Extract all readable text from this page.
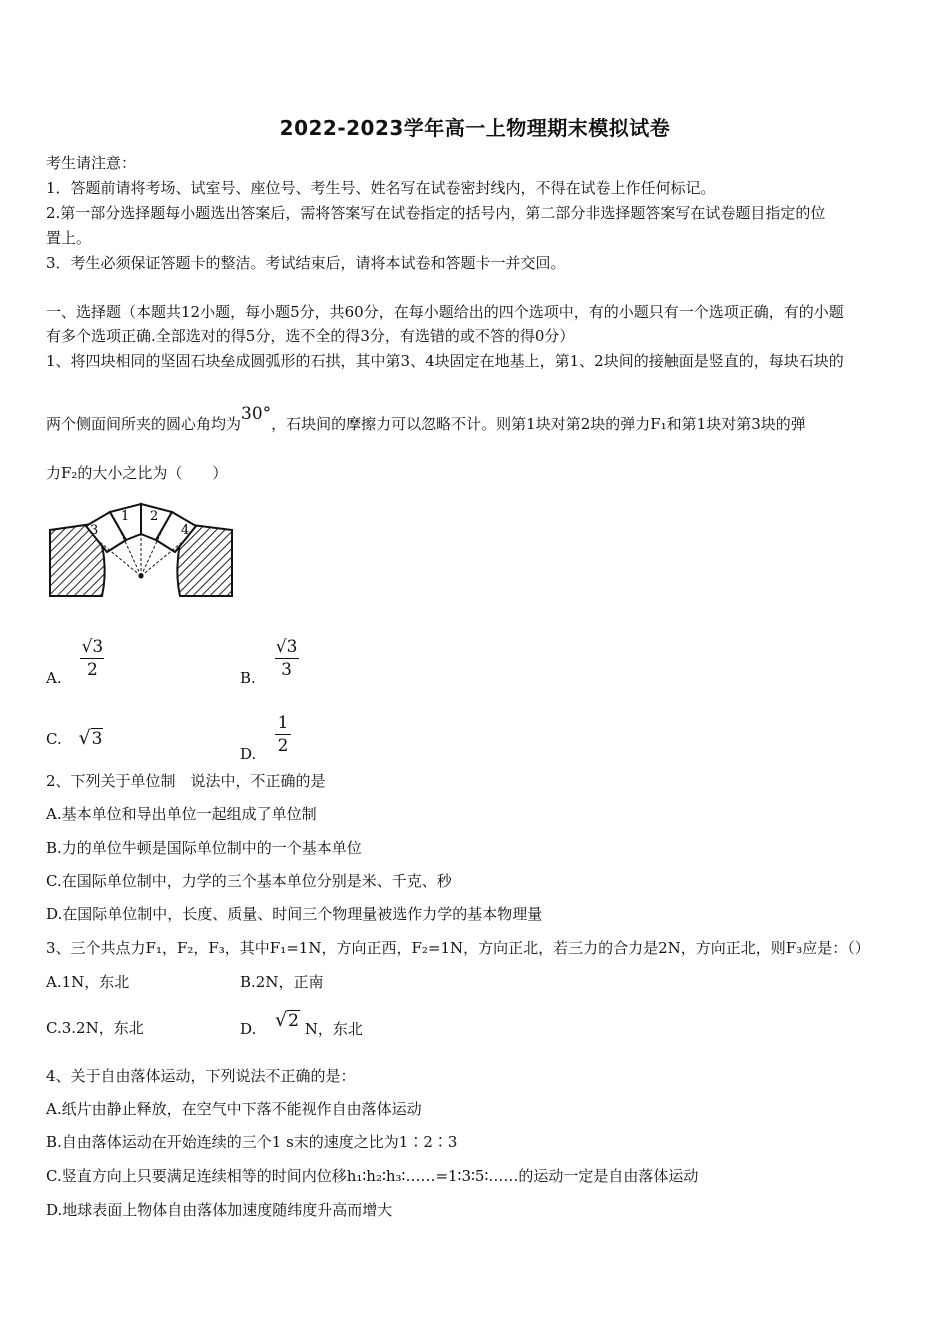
2022-2023学年高一上物理期末模拟试卷
考生请注意：
1．答题前请将考场、试室号、座位号、考生号、姓名写在试卷密封线内，不得在试卷上作任何标记。
2.第一部分选择题每小题选出答案后，需将答案写在试卷指定的括号内，第二部分非选择题答案写在试卷题目指定的位
置上。
3．考生必须保证答题卡的整洁。考试结束后，请将本试卷和答题卡一并交回。
一、选择题（本题共12小题，每小题5分，共60分，在每小题给出的四个选项中，有的小题只有一个选项正确，有的小题
有多个选项正确.全部选对的得5分，选不全的得3分，有选错的或不答的得0分）
1、将四块相同的坚固石块垒成圆弧形的石拱，其中第3、4块固定在地基上，第1、2块间的接触面是竖直的，每块石块的
两个侧面间所夹的圆心角均为30°，石块间的摩擦力可以忽略不计。则第1块对第2块的弹力F₁和第1块对第3块的弹
力F₂的大小之比为（　　）
3
1 2
4
A. $\frac{√3}{2}$	B. $\frac{√3}{3}$
C. √3
D. $\frac{1}{2}$
2、下列关于单位制　说法中，不正确的是
A.基本单位和导出单位一起组成了单位制
B.力的单位牛顿是国际单位制中的一个基本单位
C.在国际单位制中，力学的三个基本单位分别是米、千克、秒
D.在国际单位制中，长度、质量、时间三个物理量被选作力学的基本物理量
3、三个共点力F₁，F₂，F₃，其中F₁=1N，方向正西，F₂=1N，方向正北，若三力的合力是2N，方向正北，则F₃应是：（）
A.1N，东北	B.2N，正南
C.3.2N，东北	D. √2 N，东北
4、关于自由落体运动，下列说法不正确的是：
A.纸片由静止释放，在空气中下落不能视作自由落体运动
B.自由落体运动在开始连续的三个1 s末的速度之比为1∶2∶3
C.竖直方向上只要满足连续相等的时间内位移h₁∶h₂∶h₃∶……=1∶3∶5∶……的运动一定是自由落体运动
D.地球表面上物体自由落体加速度随纬度升高而增大
